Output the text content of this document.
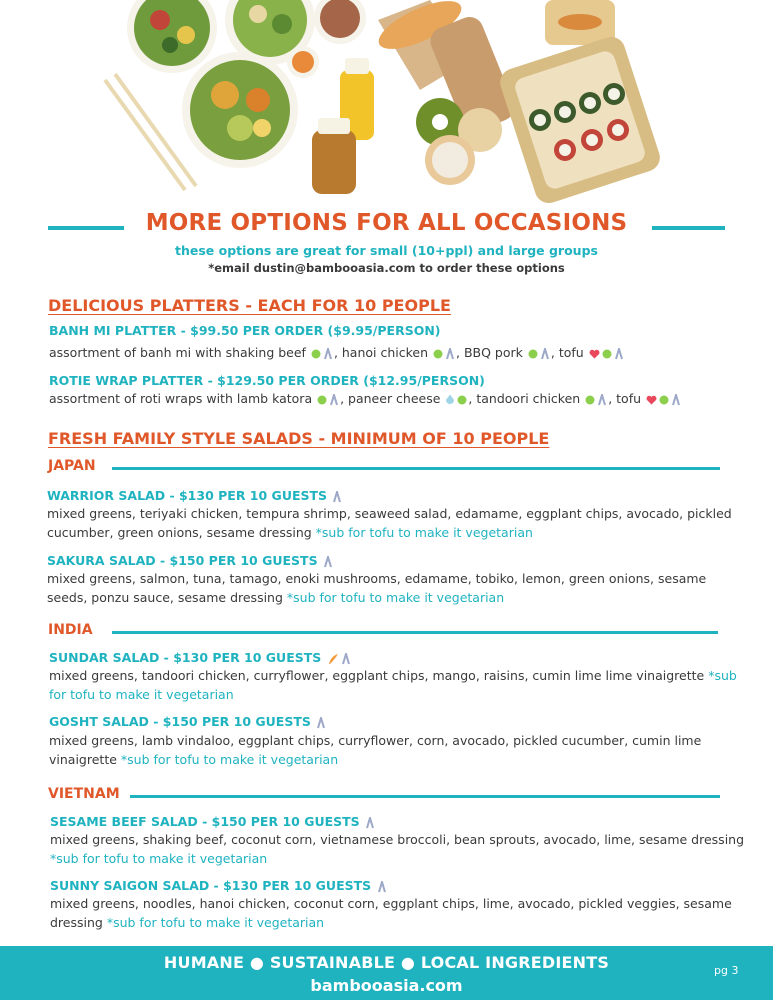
MORE OPTIONS FOR ALL OCCASIONS
these options are great for small (10+ppl) and large groups
*email dustin@bambooasia.com to order these options
DELICIOUS PLATTERS - EACH FOR 10 PEOPLE
BANH MI PLATTER - $99.50 PER ORDER ($9.95/PERSON)
assortment of banh mi with shaking beef , hanoi chicken , BBQ pork , tofu
ROTIE WRAP PLATTER - $129.50 PER ORDER ($12.95/PERSON)
assortment of roti wraps with lamb katora , paneer cheese , tandoori chicken , tofu
FRESH FAMILY STYLE SALADS - MINIMUM OF 10 PEOPLE
JAPAN
WARRIOR SALAD - $130 PER 10 GUESTS
mixed greens, teriyaki chicken, tempura shrimp, seaweed salad, edamame, eggplant chips, avocado, pickled cucumber, green onions, sesame dressing *sub for tofu to make it vegetarian
SAKURA SALAD - $150 PER 10 GUESTS
mixed greens, salmon, tuna, tamago, enoki mushrooms, edamame, tobiko, lemon, green onions, sesame seeds, ponzu sauce, sesame dressing *sub for tofu to make it vegetarian
INDIA
SUNDAR SALAD - $130 PER 10 GUESTS
mixed greens, tandoori chicken, curryflower, eggplant chips, mango, raisins, cumin lime lime vinaigrette *sub for tofu to make it vegetarian
GOSHT SALAD - $150 PER 10 GUESTS
mixed greens, lamb vindaloo, eggplant chips, curryflower, corn, avocado, pickled cucumber, cumin lime vinaigrette *sub for tofu to make it vegetarian
VIETNAM
SESAME BEEF SALAD - $150 PER 10 GUESTS
mixed greens, shaking beef, coconut corn, vietnamese broccoli, bean sprouts, avocado, lime, sesame dressing *sub for tofu to make it vegetarian
SUNNY SAIGON SALAD - $130 PER 10 GUESTS
mixed greens, noodles, hanoi chicken, coconut corn, eggplant chips, lime, avocado, pickled veggies, sesame dressing *sub for tofu to make it vegetarian
HUMANE ● SUSTAINABLE ● LOCAL INGREDIENTS
bambooasia.com
pg 3
